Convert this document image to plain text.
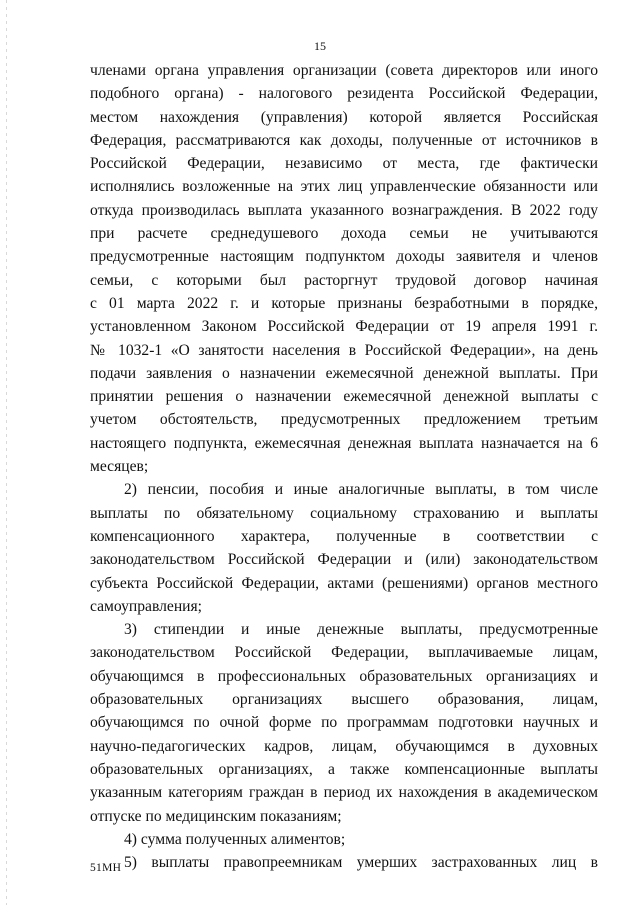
15
членами органа управления организации (совета директоров или иного
подобного органа) - налогового резидента Российской Федерации,
местом нахождения (управления) которой является Российская
Федерация, рассматриваются как доходы, полученные от источников в
Российской Федерации, независимо от места, где фактически
исполнялись возложенные на этих лиц управленческие обязанности или
откуда производилась выплата указанного вознаграждения. В 2022 году
при расчете среднедушевого дохода семьи не учитываются
предусмотренные настоящим подпунктом доходы заявителя и членов
семьи, с которыми был расторгнут трудовой договор начиная
с 01 марта 2022 г. и которые признаны безработными в порядке,
установленном Законом Российской Федерации от 19 апреля 1991 г.
№ 1032-1 «О занятости населения в Российской Федерации», на день
подачи заявления о назначении ежемесячной денежной выплаты. При
принятии решения о назначении ежемесячной денежной выплаты с
учетом обстоятельств, предусмотренных предложением третьим
настоящего подпункта, ежемесячная денежная выплата назначается на 6
месяцев;
2) пенсии, пособия и иные аналогичные выплаты, в том числе
выплаты по обязательному социальному страхованию и выплаты
компенсационного характера, полученные в соответствии с
законодательством Российской Федерации и (или) законодательством
субъекта Российской Федерации, актами (решениями) органов местного
самоуправления;
3) стипендии и иные денежные выплаты, предусмотренные
законодательством Российской Федерации, выплачиваемые лицам,
обучающимся в профессиональных образовательных организациях и
образовательных организациях высшего образования, лицам,
обучающимся по очной форме по программам подготовки научных и
научно-педагогических кадров, лицам, обучающимся в духовных
образовательных организациях, а также компенсационные выплаты
указанным категориям граждан в период их нахождения в академическом
отпуске по медицинским показаниям;
4) сумма полученных алиментов;
5) выплаты правопреемникам умерших застрахованных лиц в
51МН
